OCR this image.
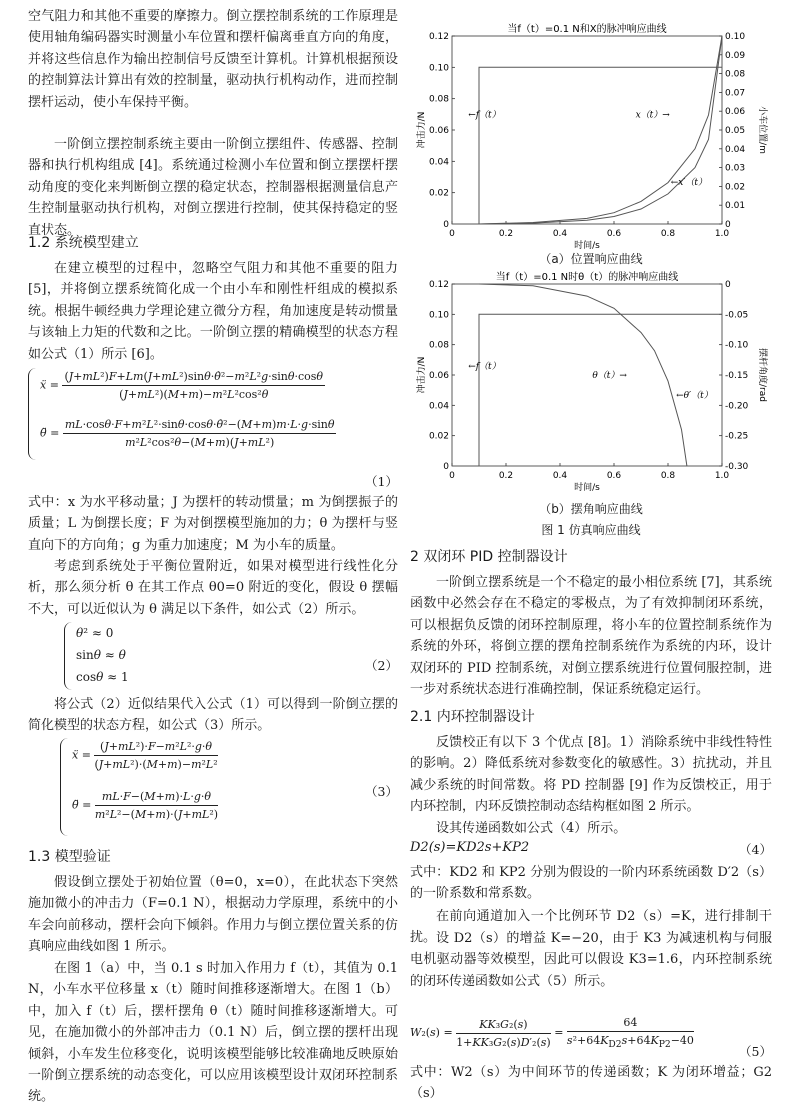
空气阻力和其他不重要的摩擦力。倒立摆控制系统的工作原理是使用轴角编码器实时测量小车位置和摆杆偏离垂直方向的角度，并将这些信息作为输出控制信号反馈至计算机。计算机根据预设的控制算法计算出有效的控制量，驱动执行机构动作，进而控制摆杆运动，使小车保持平衡。

一阶倒立摆控制系统主要由一阶倒立摆组件、传感器、控制器和执行机构组成 [4]。系统通过检测小车位置和倒立摆摆杆摆动角度的变化来判断倒立摆的稳定状态，控制器根据测量信息产生控制量驱动执行机构，对倒立摆进行控制，使其保持稳定的竖直状态。

1.2 系统模型建立

在建立模型的过程中，忽略空气阻力和其他不重要的阻力 [5]，并将倒立摆系统简化成一个由小车和刚性杆组成的模拟系统。根据牛顿经典力学理论建立微分方程，角加速度是转动惯量与该轴上力矩的代数和之比。一阶倒立摆的精确模型的状态方程如公式（1）所示 [6]。

ẍ = $\frac{\text{(J+mL²)F+Lm(J+mL²)sinθ·θ̇²−m²L²g·sinθ·cosθ}}{\text{(J+mL²)(M+m)−m²L²cos²θ}}$
θ̈ = $\frac{\text{mL·cosθ·F+m²L²·sinθ·cosθ·θ̇²−(M+m)m·L·g·sinθ}}{\text{m²L²cos²θ−(M+m)(J+mL²)}}$
（1）

式中：x 为水平移动量；J 为摆杆的转动惯量；m 为倒摆振子的质量；L 为倒摆长度；F 为对倒摆模型施加的力；θ 为摆杆与竖直向下的方向角；g 为重力加速度；M 为小车的质量。

考虑到系统处于平衡位置附近，如果对模型进行线性化分析，那么须分析 θ 在其工作点 θ0=0 附近的变化，假设 θ 摆幅不大，可以近似认为 θ 满足以下条件，如公式（2）所示。

θ² ≈ 0
sinθ ≈ θ
cosθ ≈ 1
（2）

将公式（2）近似结果代入公式（1）可以得到一阶倒立摆的简化模型的状态方程，如公式（3）所示。

ẍ = $\frac{\text{(J+mL²)·F−m²L²·g·θ}}{\text{(J+mL²)·(M+m)−m²L²}}$
θ̈ = $\frac{mL\cdot F-(M+m)\cdot L\cdot g\cdot\theta}{\text{m²L²−(M+m)·(J+mL²)}}$	（3）
1.3 模型验证

假设倒立摆处于初始位置（θ=0，x=0），在此状态下突然施加微小的冲击力（F=0.1 N），根据动力学原理，系统中的小车会向前移动，摆杆会向下倾斜。作用力与倒立摆位置关系的仿真响应曲线如图 1 所示。

在图 1（a）中，当 0.1 s 时加入作用力 f（t），其值为 0.1 N，小车水平位移量 x（t）随时间推移逐渐增大。在图 1（b）中，加入 f（t）后，摆杆摆角 θ（t）随时间推移逐渐增大。可见，在施加微小的外部冲击力（0.1 N）后，倒立摆的摆杆出现倾斜，小车发生位移变化，说明该模型能够比较准确地反映原始一阶倒立摆系统的动态变化，可以应用该模型设计双闭环控制系统。

当f（t）=0.1 N和X的脉冲响应曲线
0	0.2	0.4	0.6	0.8	1.0
0
0.02
0.04
0.06
0.08
0.10
0.12
0
0.01
0.02
0.03
0.04
0.05
0.06
0.07
0.08
0.09
0.10
时间/s
冲击力/N	小车位置/m
←f（t）	x（t）→
←x′（t）
（a）位置响应曲线
当f（t）=0.1 N时θ（t）的脉冲响应曲线
0	0.2	0.4	0.6	0.8	1.0
0
0.02
0.04
0.06
0.08
0.10
0.12	0
-0.05
-0.10
-0.15
-0.20
-0.25
-0.30
时间/s
冲击力/N	摆杆角度/rad
←f（t）
θ（t）→
←θ′（t）
（b）摆角响应曲线
图 1 仿真响应曲线
2 双闭环 PID 控制器设计

一阶倒立摆系统是一个不稳定的最小相位系统 [7]，其系统函数中必然会存在不稳定的零极点，为了有效抑制闭环系统，可以根据负反馈的闭环控制原理，将小车的位置控制系统作为系统的外环，将倒立摆的摆角控制系统作为系统的内环，设计双闭环的 PID 控制系统，对倒立摆系统进行位置伺服控制，进一步对系统状态进行准确控制，保证系统稳定运行。

2.1 内环控制器设计

反馈校正有以下 3 个优点 [8]。1）消除系统中非线性特性的影响。2）降低系统对参数变化的敏感性。3）抗扰动，并且减少系统的时间常数。将 PD 控制器 [9] 作为反馈校正，用于内环控制，内环反馈控制动态结构框如图 2 所示。

设其传递函数如公式（4）所示。

D2(s)=KD2s+KP2	（4）

式中：KD2 和 KP2 分别为假设的一阶内环系统函数 D′2（s）的一阶系数和常系数。

在前向通道加入一个比例环节 D2（s）=K，进行排制干扰。 设 D2（s）的增益 K=−20，由于 K3 为减速机构与伺服电机驱动器等效模型，因此可以假设 K3=1.6，内环控制系统的闭环传递函数如公式（5）所示。

$W_2(s) = \frac{\text{KK₃G₂(s)}}{\text{1+KK₃G₂(s)D′₂(s)}} = \frac{64}{s^2+64K_{D2}s+64K_{P2}-40}$
（5）

式中：W2（s）为中间环节的传递函数；K 为闭环增益；G2（s）
